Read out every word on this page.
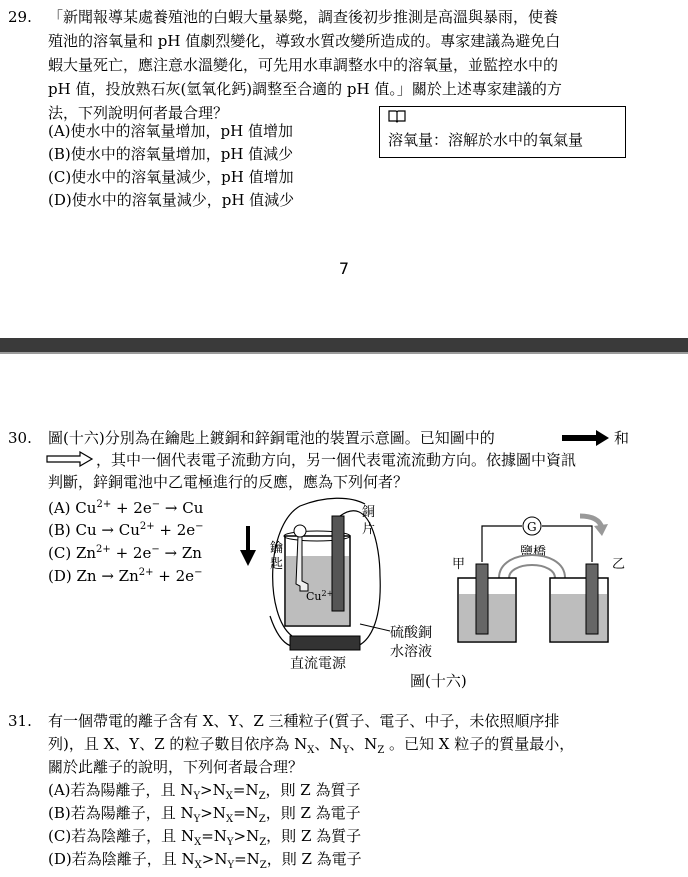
29. 「新聞報導某處養殖池的白蝦大量暴斃，調查後初步推測是高溫與暴雨，使養
殖池的溶氧量和 pH 值劇烈變化，導致水質改變所造成的。專家建議為避免白
蝦大量死亡，應注意水溫變化，可先用水車調整水中的溶氧量，並監控水中的
pH 值，投放熟石灰(氫氧化鈣)調整至合適的 pH 值。」關於上述專家建議的方
法，下列說明何者最合理？
(A)使水中的溶氧量增加，pH 值增加
(B)使水中的溶氧量增加，pH 值減少
(C)使水中的溶氧量減少，pH 值增加
(D)使水中的溶氧量減少，pH 值減少
溶氧量：溶解於水中的氧氣量
7
30. 圖(十六)分別為在鑰匙上鍍銅和鋅銅電池的裝置示意圖。已知圖中的	和
，其中一個代表電子流動方向，另一個代表電流流動方向。依據圖中資訊
判斷，鋅銅電池中乙電極進行的反應，應為下列何者？
(A) $Cu^{2+} + 2e^- \to Cu$
(B) $Cu \to Cu^{2+} + 2e^-$
(C) $Zn^{2+} + 2e^- \to Zn$
(D) $Zn \to Zn^{2+} + 2e^-$
$Cu^{2+}$
鑰
匙
銅
片
直流電源
硫酸銅
水溶液
G
鹽橋
甲	乙
圖(十六)
31. 有一個帶電的離子含有 X、Y、Z 三種粒子(質子、電子、中子，未依照順序排
列)，且 X、Y、Z 的粒子數目依序為 $N_X$、$N_Y$、$N_Z$ 。已知 X 粒子的質量最小，
關於此離子的說明，下列何者最合理？
(A)若為陽離子，且 $N_Y>N_X=N_Z$，則 Z 為質子
(B)若為陽離子，且 $N_Y>N_X=N_Z$，則 Z 為電子
(C)若為陰離子，且 $N_X=N_Y>N_Z$，則 Z 為質子
(D)若為陰離子，且 $N_X>N_Y=N_Z$，則 Z 為電子
